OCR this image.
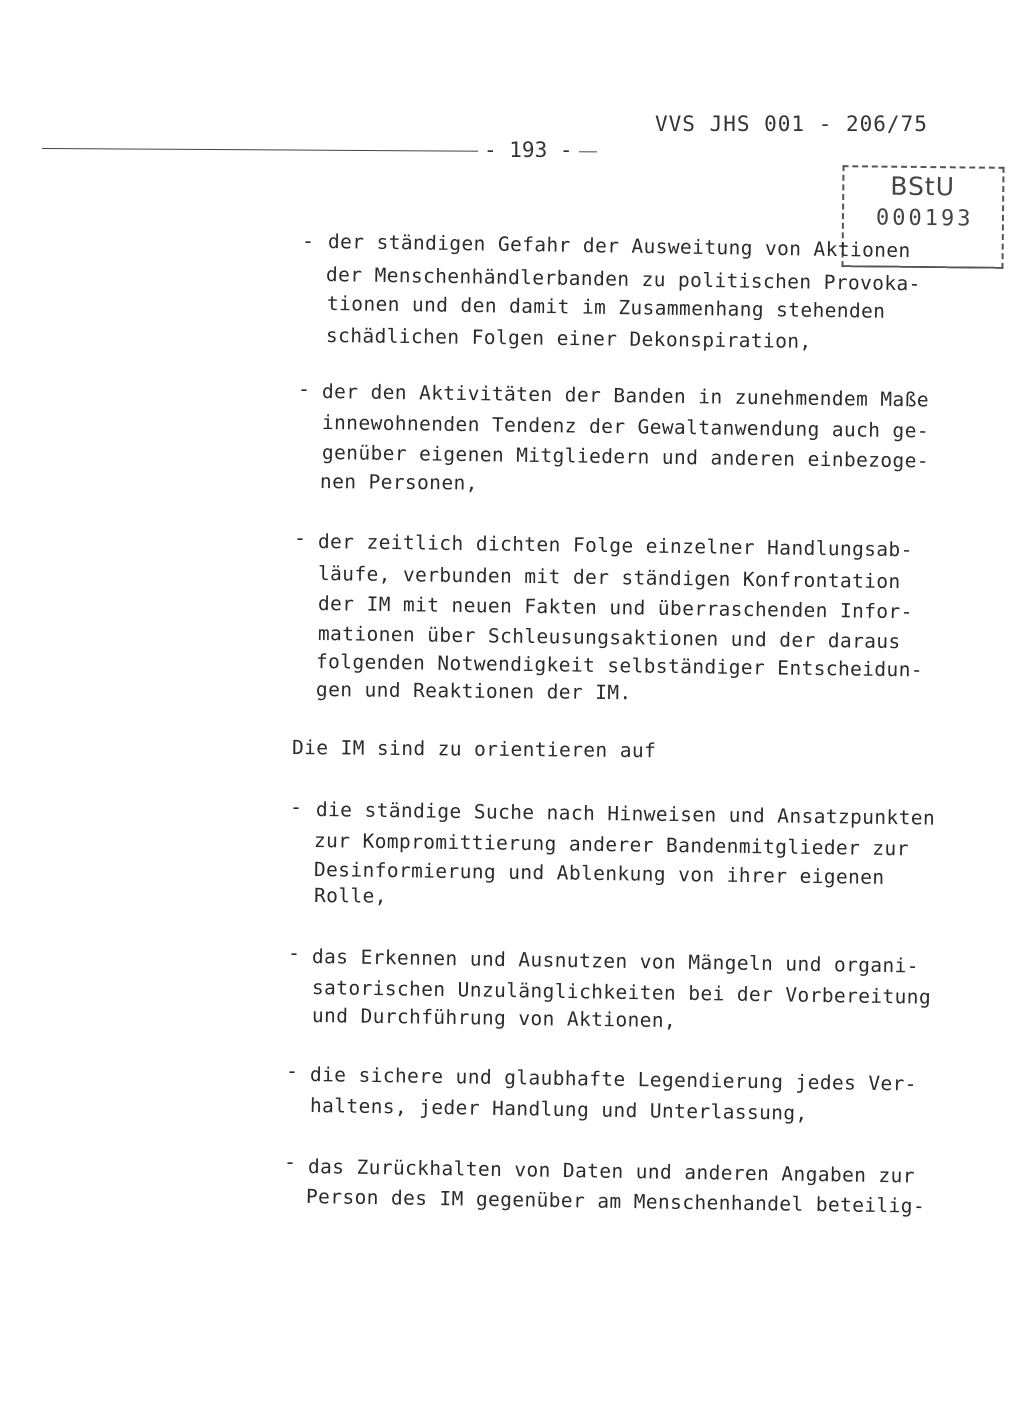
VVS JHS 001 - 206/75
- 193 -
BStU
000193
- der ständigen Gefahr der Ausweitung von Aktionen
der Menschenhändlerbanden zu politischen Provoka-
tionen und den damit im Zusammenhang stehenden
schädlichen Folgen einer Dekonspiration,
- der den Aktivitäten der Banden in zunehmendem Maße
innewohnenden Tendenz der Gewaltanwendung auch ge-
genüber eigenen Mitgliedern und anderen einbezoge-
nen Personen,
- der zeitlich dichten Folge einzelner Handlungsab-
läufe, verbunden mit der ständigen Konfrontation
der IM mit neuen Fakten und überraschenden Infor-
mationen über Schleusungsaktionen und der daraus
folgenden Notwendigkeit selbständiger Entscheidun-
gen und Reaktionen der IM.
Die IM sind zu orientieren auf
- die ständige Suche nach Hinweisen und Ansatzpunkten
zur Kompromittierung anderer Bandenmitglieder zur
Desinformierung und Ablenkung von ihrer eigenen
Rolle,
- das Erkennen und Ausnutzen von Mängeln und organi-
satorischen Unzulänglichkeiten bei der Vorbereitung
und Durchführung von Aktionen,
- die sichere und glaubhafte Legendierung jedes Ver-
haltens, jeder Handlung und Unterlassung,
- das Zurückhalten von Daten und anderen Angaben zur
Person des IM gegenüber am Menschenhandel beteilig-
